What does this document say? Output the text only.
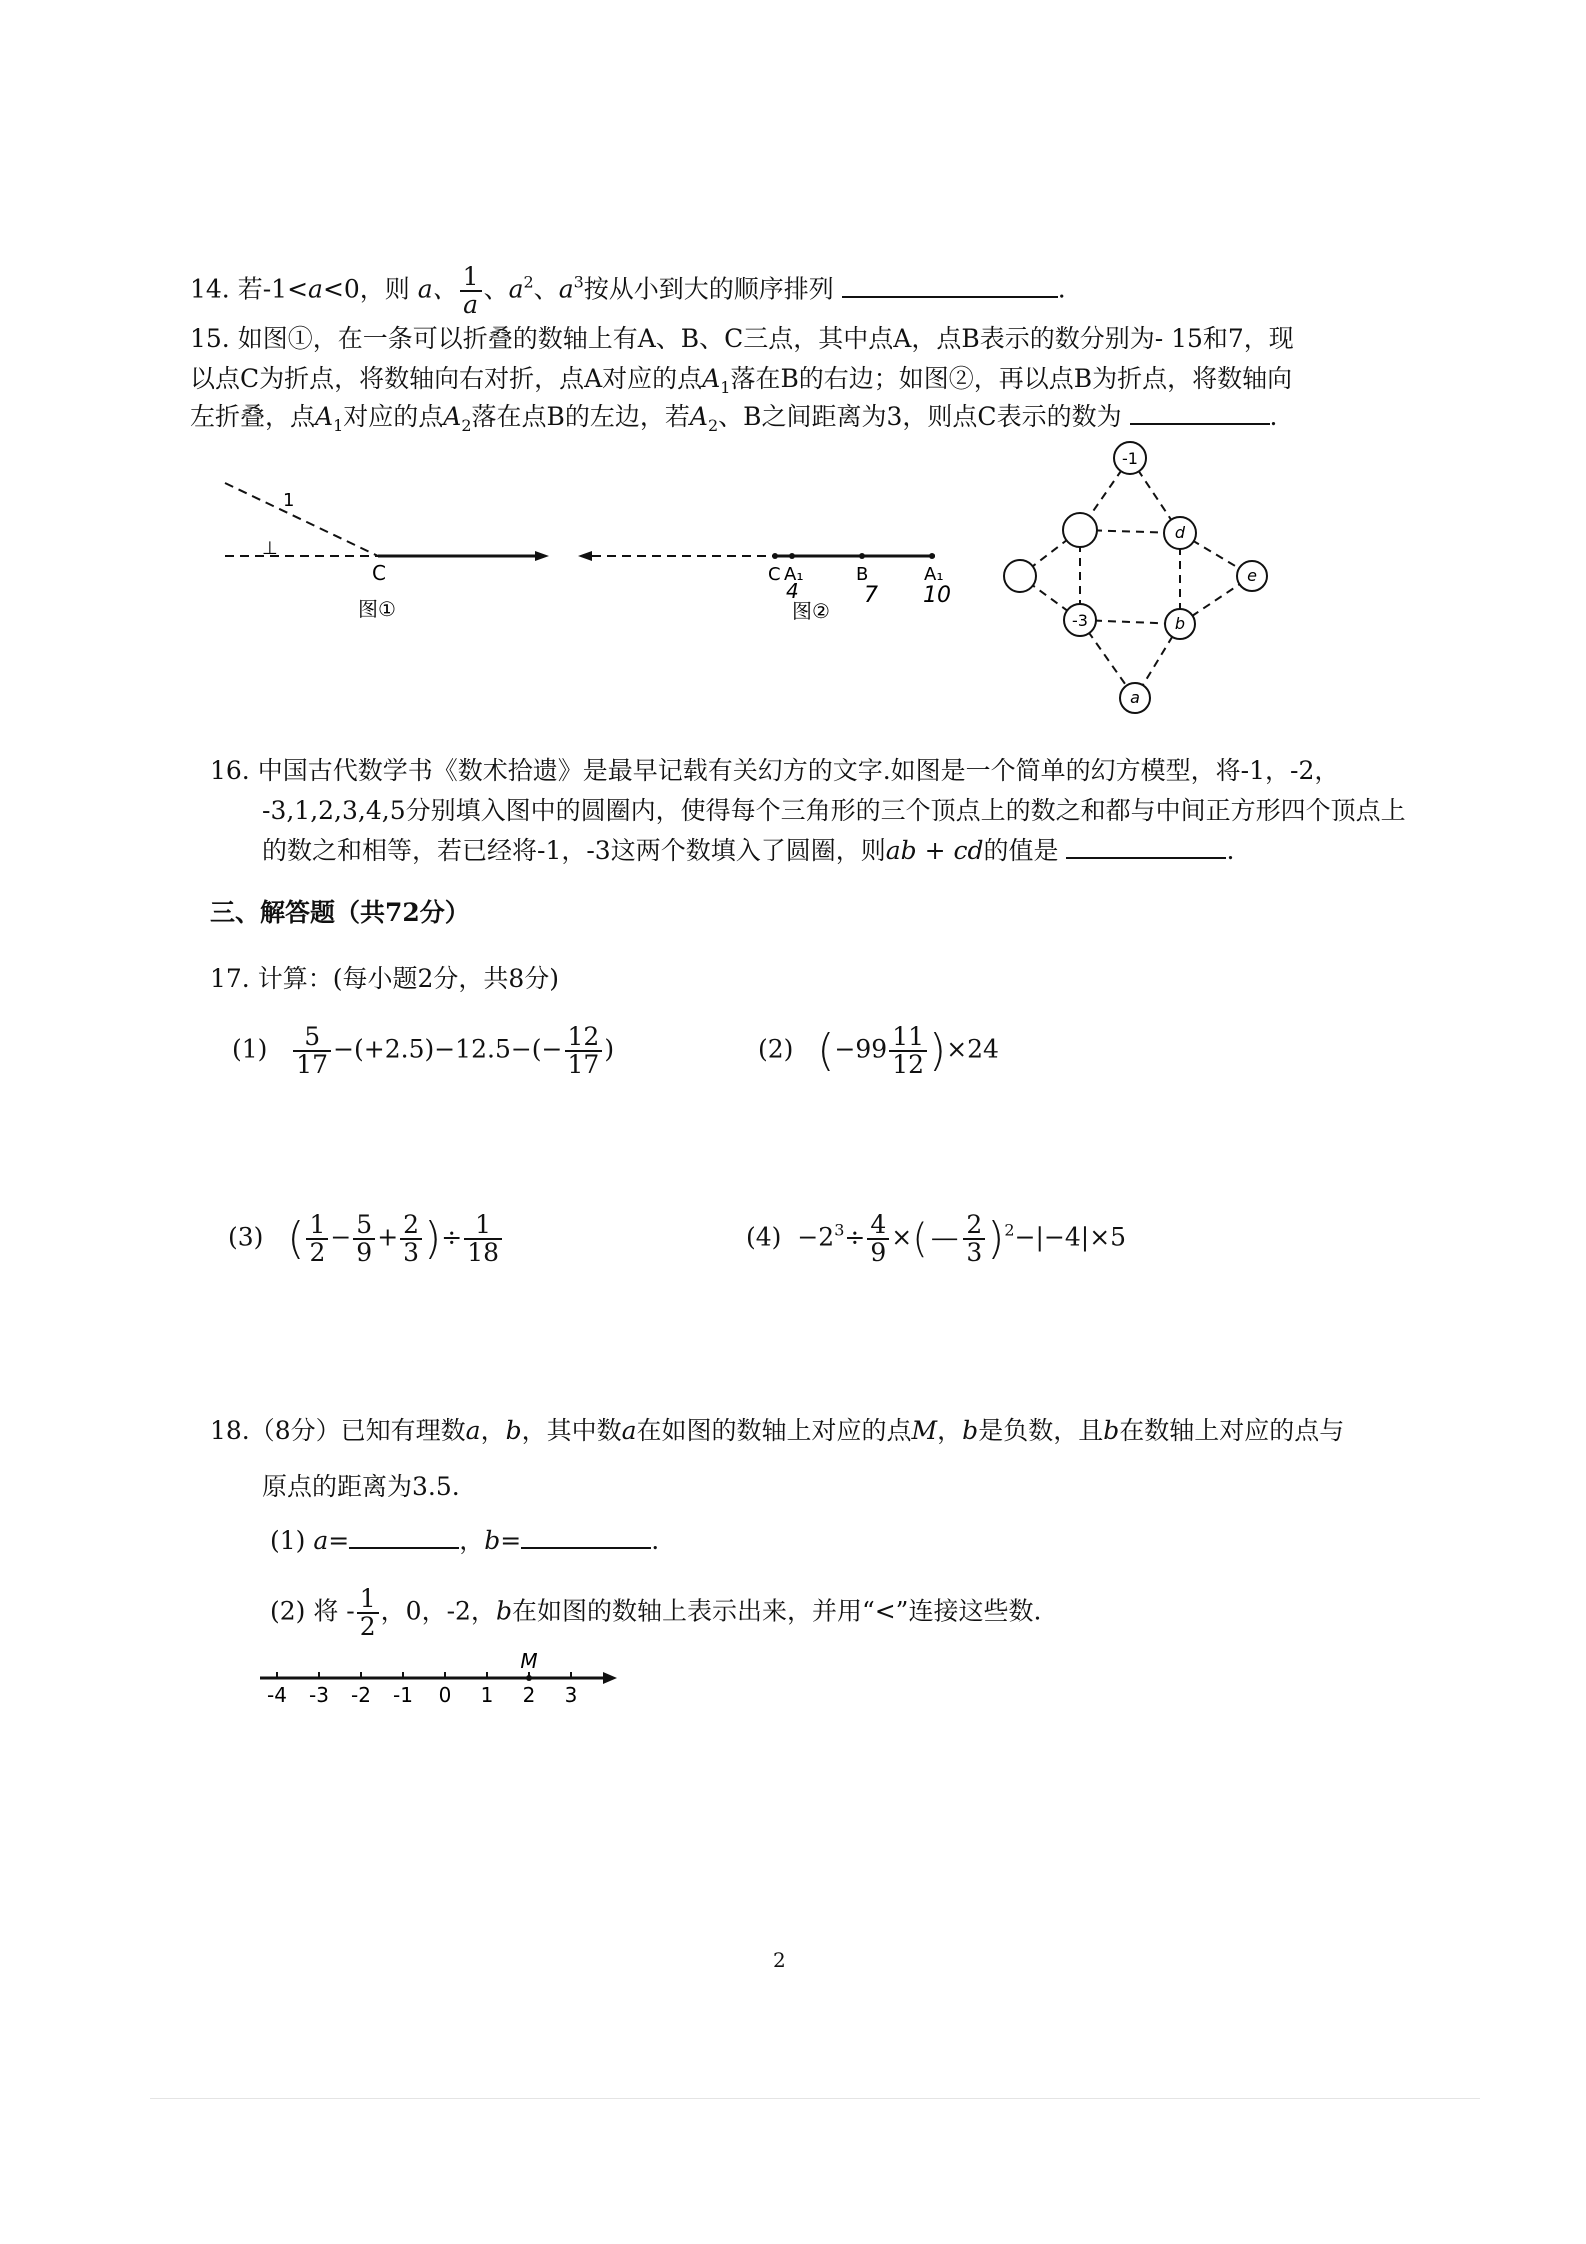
14. 若-1<a<0，则 a、 $\frac{1}{a}$ 、$a^2$、$a^3$按从小到大的顺序排列	.
15. 如图①，在一条可以折叠的数轴上有A、B、C三点，其中点A，点B表示的数分别为- 15和7，现
以点C为折点，将数轴向右对折，点A对应的点$A_1$落在B的右边；如图②，再以点B为折点，将数轴向
左折叠，点$A_1$对应的点$A_2$落在点B的左边，若$A_2$、B之间距离为3，则点C表示的数为	.
1
⊥
C
图①
C A₁	B	A₁
4	7 10
图②
-1
d
e
-3	b
a
16. 中国古代数学书《数术拾遗》是最早记载有关幻方的文字.如图是一个简单的幻方模型，将-1，-2，
-3,1,2,3,4,5分别填入图中的圆圈内，使得每个三角形的三个顶点上的数之和都与中间正方形四个顶点上
的数之和相等，若已经将-1，-3这两个数填入了圆圈，则ab + cd的值是	.
三、解答题（共72分）
17. 计算：(每小题2分，共8分)
$(1) \frac{5}{17} -(+2.5)-12.5-(- \frac{12}{17}$ )	(2) $(-99 \frac{11}{12} )\times 24$
(3) ( $\frac{1}{2} - \frac{5}{9} + \frac{2}{3}$ )÷ $\frac{1}{18}$	$(4) -2^3\div \frac{4}{9}$ ×(− $\frac{2}{3} )^2-|-4|\times 5$
18.（8分）已知有理数a，b，其中数a在如图的数轴上对应的点M，b是负数，且b在数轴上对应的点与
原点的距离为3.5.
(1) a=	，b=	.
(2) 将 - $\frac{1}{2}$ ，0，-2，b在如图的数轴上表示出来，并用“<”连接这些数.
-4 -3 -2 -1 0 1 2 3
M
2
